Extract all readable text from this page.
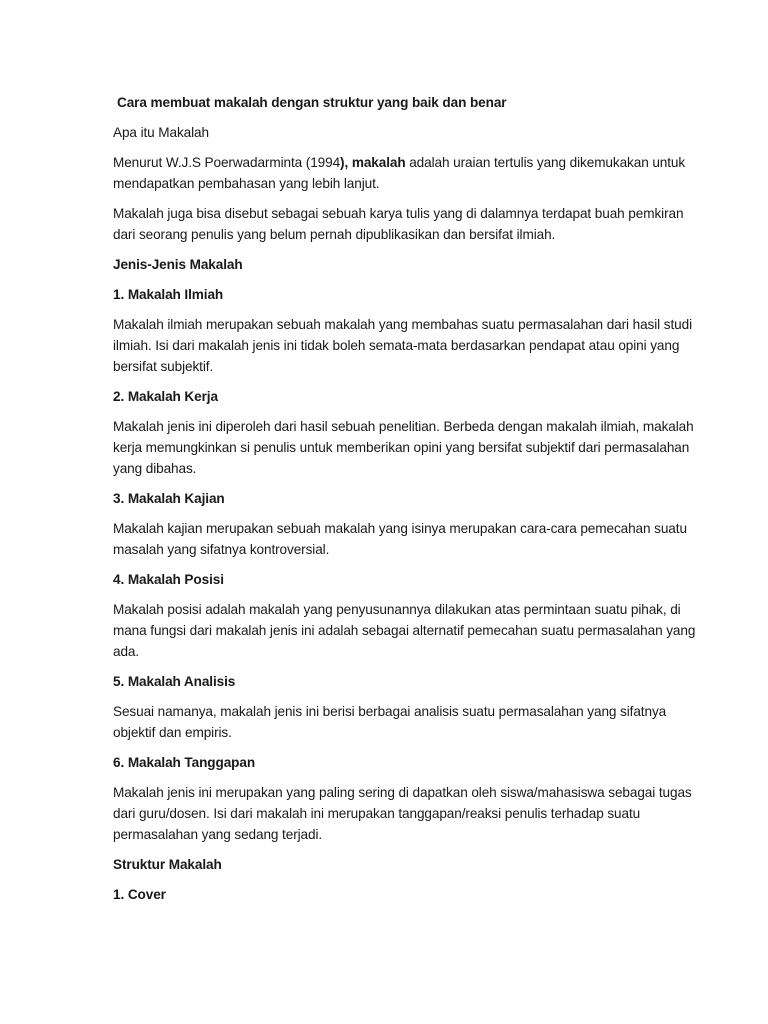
Cara membuat makalah dengan struktur yang baik dan benar

Apa itu Makalah

Menurut W.J.S Poerwadarminta (1994), makalah adalah uraian tertulis yang dikemukakan untuk mendapatkan pembahasan yang lebih lanjut.

Makalah juga bisa disebut sebagai sebuah karya tulis yang di dalamnya terdapat buah pemkiran dari seorang penulis yang belum pernah dipublikasikan dan bersifat ilmiah.

Jenis-Jenis Makalah

1. Makalah Ilmiah

Makalah ilmiah merupakan sebuah makalah yang membahas suatu permasalahan dari hasil studi ilmiah. Isi dari makalah jenis ini tidak boleh semata-mata berdasarkan pendapat atau opini yang bersifat subjektif.

2. Makalah Kerja

Makalah jenis ini diperoleh dari hasil sebuah penelitian. Berbeda dengan makalah ilmiah, makalah kerja memungkinkan si penulis untuk memberikan opini yang bersifat subjektif dari permasalahan yang dibahas.

3. Makalah Kajian

Makalah kajian merupakan sebuah makalah yang isinya merupakan cara-cara pemecahan suatu masalah yang sifatnya kontroversial.

4. Makalah Posisi

Makalah posisi adalah makalah yang penyusunannya dilakukan atas permintaan suatu pihak, di mana fungsi dari makalah jenis ini adalah sebagai alternatif pemecahan suatu permasalahan yang ada.

5. Makalah Analisis

Sesuai namanya, makalah jenis ini berisi berbagai analisis suatu permasalahan yang sifatnya objektif dan empiris.

6. Makalah Tanggapan

Makalah jenis ini merupakan yang paling sering di dapatkan oleh siswa/mahasiswa sebagai tugas dari guru/dosen. Isi dari makalah ini merupakan tanggapan/reaksi penulis terhadap suatu permasalahan yang sedang terjadi.

Struktur Makalah

1. Cover
